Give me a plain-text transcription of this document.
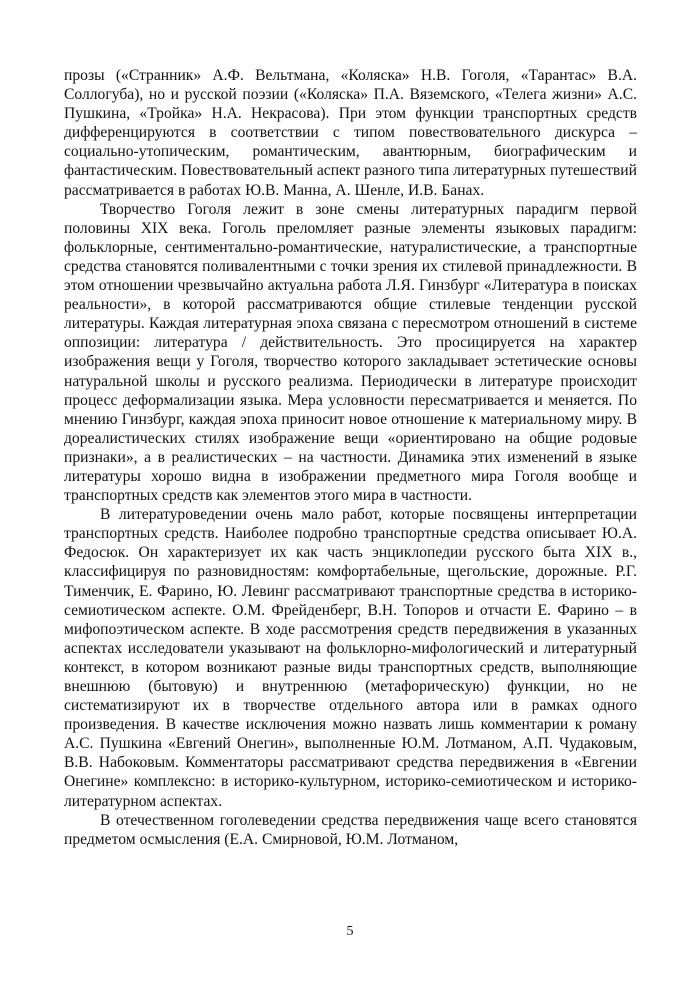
прозы («Странник» А.Ф. Вельтмана, «Коляска» Н.В. Гоголя, «Тарантас» В.А. Соллогуба), но и русской поэзии («Коляска» П.А. Вяземского, «Телега жизни» А.С. Пушкина, «Тройка» Н.А. Некрасова). При этом функции транспортных средств дифференцируются в соответствии с типом повествовательного дискурса – социально-утопическим, романтическим, авантюрным, биографическим и фантастическим. Повествовательный аспект разного типа литературных путешествий рассматривается в работах Ю.В. Манна, А. Шенле, И.В. Банах.

Творчество Гоголя лежит в зоне смены литературных парадигм первой половины XIX века. Гоголь преломляет разные элементы языковых парадигм: фольклорные, сентиментально-романтические, натуралистические, а транспортные средства становятся поливалентными с точки зрения их стилевой принадлежности. В этом отношении чрезвычайно актуальна работа Л.Я. Гинзбург «Литература в поисках реальности», в которой рассматриваются общие стилевые тенденции русской литературы. Каждая литературная эпоха связана с пересмотром отношений в системе оппозиции: литература / действительность. Это просицируется на характер изображения вещи у Гоголя, творчество которого закладывает эстетические основы натуральной школы и русского реализма. Периодически в литературе происходит процесс деформализации языка. Мера условности пересматривается и меняется. По мнению Гинзбург, каждая эпоха приносит новое отношение к материальному миру. В дореалистических стилях изображение вещи «ориентировано на общие родовые признаки», а в реалистических – на частности. Динамика этих изменений в языке литературы хорошо видна в изображении предметного мира Гоголя вообще и транспортных средств как элементов этого мира в частности.

В литературоведении очень мало работ, которые посвящены интерпретации транспортных средств. Наиболее подробно транспортные средства описывает Ю.А. Федосюк. Он характеризует их как часть энциклопедии русского быта XIX в., классифицируя по разновидностям: комфортабельные, щегольские, дорожные. Р.Г. Тименчик, Е. Фарино, Ю. Левинг рассматривают транспортные средства в историко-семиотическом аспекте. О.М. Фрейденберг, В.Н. Топоров и отчасти Е. Фарино – в мифопоэтическом аспекте. В ходе рассмотрения средств передвижения в указанных аспектах исследователи указывают на фольклорно-мифологический и литературный контекст, в котором возникают разные виды транспортных средств, выполняющие внешнюю (бытовую) и внутреннюю (метафорическую) функции, но не систематизируют их в творчестве отдельного автора или в рамках одного произведения. В качестве исключения можно назвать лишь комментарии к роману А.С. Пушкина «Евгений Онегин», выполненные Ю.М. Лотманом, А.П. Чудаковым, В.В. Набоковым. Комментаторы рассматривают средства передвижения в «Евгении Онегине» комплексно: в историко-культурном, историко-семиотическом и историко-литературном аспектах.

В отечественном гоголеведении средства передвижения чаще всего становятся предметом осмысления (Е.А. Смирновой, Ю.М. Лотманом,

5
